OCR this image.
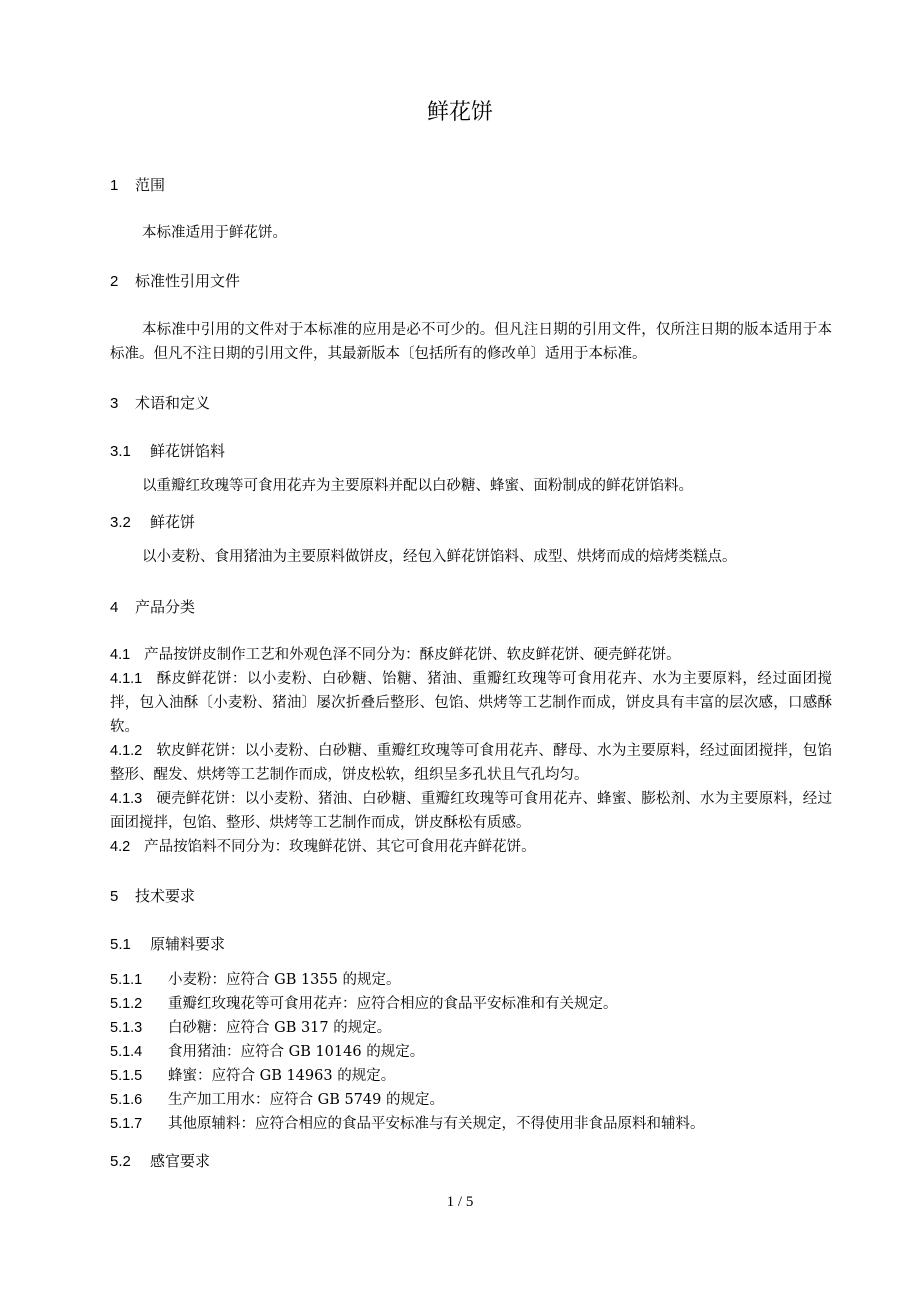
鲜花饼
1 范围
本标准适用于鲜花饼。
2 标准性引用文件
本标准中引用的文件对于本标准的应用是必不可少的。但凡注日期的引用文件，仅所注日期的版本适用于本标准。但凡不注日期的引用文件，其最新版本〔包括所有的修改单〕适用于本标准。
3 术语和定义
3.1 鲜花饼馅料
以重瓣红玫瑰等可食用花卉为主要原料并配以白砂糖、蜂蜜、面粉制成的鲜花饼馅料。
3.2 鲜花饼
以小麦粉、食用猪油为主要原料做饼皮，经包入鲜花饼馅料、成型、烘烤而成的焙烤类糕点。
4 产品分类
4.1 产品按饼皮制作工艺和外观色泽不同分为：酥皮鲜花饼、软皮鲜花饼、硬壳鲜花饼。
4.1.1 酥皮鲜花饼：以小麦粉、白砂糖、饴糖、猪油、重瓣红玫瑰等可食用花卉、水为主要原料，经过面团搅拌，包入油酥〔小麦粉、猪油〕屡次折叠后整形、包馅、烘烤等工艺制作而成，饼皮具有丰富的层次感，口感酥软。
4.1.2 软皮鲜花饼：以小麦粉、白砂糖、重瓣红玫瑰等可食用花卉、酵母、水为主要原料，经过面团搅拌，包馅整形、醒发、烘烤等工艺制作而成，饼皮松软，组织呈多孔状且气孔均匀。
4.1.3 硬壳鲜花饼：以小麦粉、猪油、白砂糖、重瓣红玫瑰等可食用花卉、蜂蜜、膨松剂、水为主要原料，经过面团搅拌，包馅、整形、烘烤等工艺制作而成，饼皮酥松有质感。
4.2 产品按馅料不同分为：玫瑰鲜花饼、其它可食用花卉鲜花饼。
5 技术要求
5.1 原辅料要求
5.1.1 小麦粉：应符合 GB 1355 的规定。
5.1.2 重瓣红玫瑰花等可食用花卉：应符合相应的食品平安标准和有关规定。
5.1.3 白砂糖：应符合 GB 317 的规定。
5.1.4 食用猪油：应符合 GB 10146 的规定。
5.1.5 蜂蜜：应符合 GB 14963 的规定。
5.1.6 生产加工用水：应符合 GB 5749 的规定。
5.1.7 其他原辅料：应符合相应的食品平安标准与有关规定，不得使用非食品原料和辅料。
5.2 感官要求
1 / 5
